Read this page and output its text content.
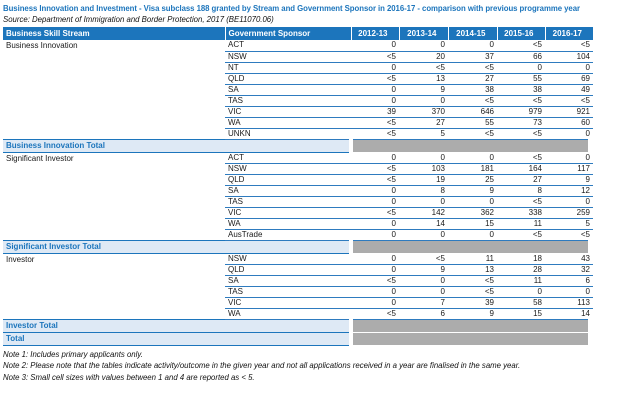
Business Innovation and Investment - Visa subclass 188 granted by Stream and Government Sponsor in 2016-17 - comparison with previous programme year
Source: Department of Immigration and Border Protection, 2017 (BE11070.06)
Business Skill Stream	Government Sponsor	2012-13	2013-14	2014-15	2015-16	2016-17
Business Innovation	ACT	0	0	0	<5	<5
	NSW	<5	20	37	66	104
	NT	0	<5	<5	0	0
	QLD	<5	13	27	55	69
	SA	0	9	38	38	49
	TAS	0	0	<5	<5	<5
	VIC	39	370	646	979	921
	WA	<5	27	55	73	60
	UNKN	<5	5	<5	<5	0
Business Innovation Total						
Significant Investor	ACT	0	0	0	<5	0
	NSW	<5	103	181	164	117
	QLD	<5	19	25	27	9
	SA	0	8	9	8	12
	TAS	0	0	0	<5	0
	VIC	<5	142	362	338	259
	WA	0	14	15	11	5
	AusTrade	0	0	0	<5	<5
Significant Investor Total						
Investor	NSW	0	<5	11	18	43
	QLD	0	9	13	28	32
	SA	<5	0	<5	11	6
	TAS	0	0	<5	0	0
	VIC	0	7	39	58	113
	WA	<5	6	9	15	14
Investor Total						
Total						
Note 1: Includes primary applicants only.
Note 2: Please note that the tables indicate activity/outcome in the given year and not all applications received in a year are finalised in the same year.
Note 3: Small cell sizes with values between 1 and 4 are reported as < 5.
